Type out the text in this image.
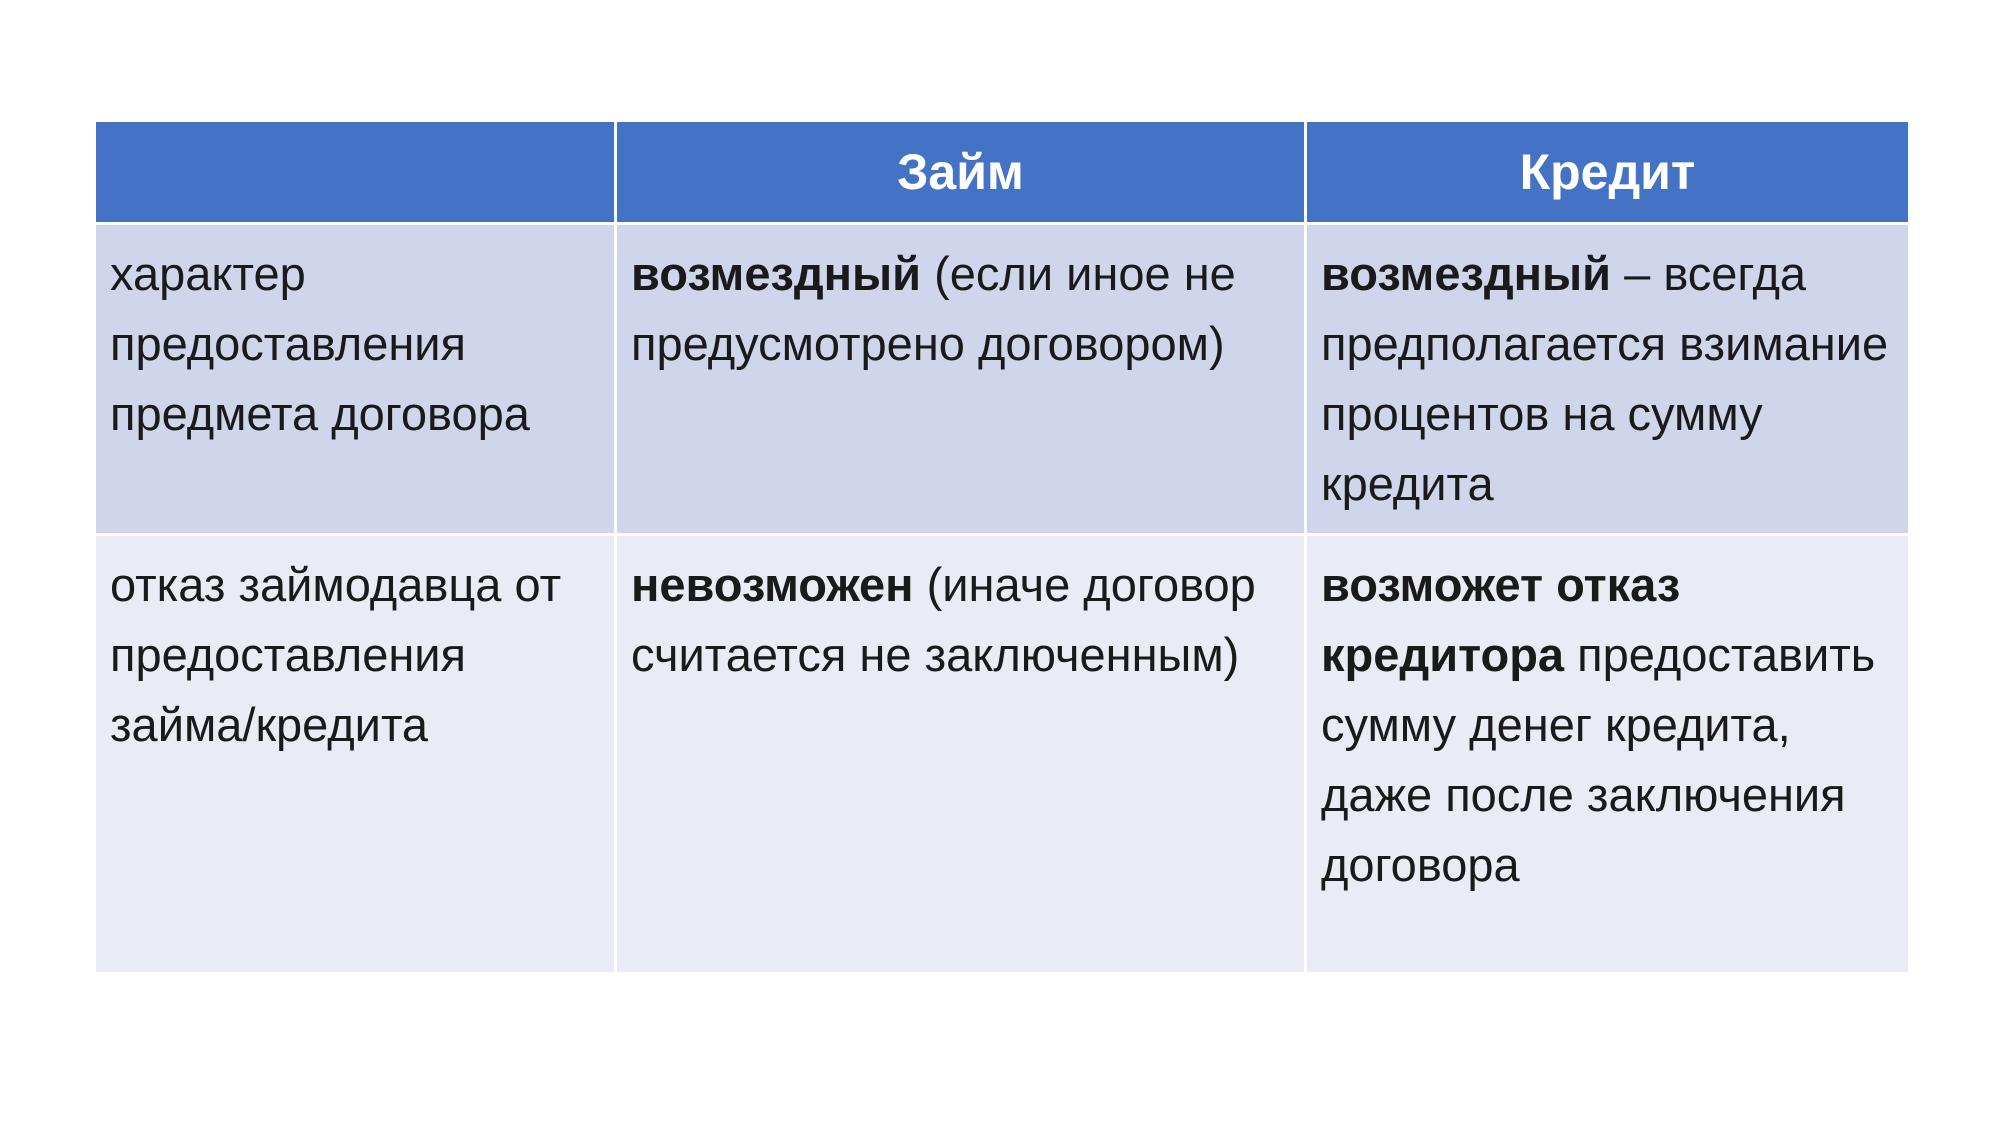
	Займ	Кредит
характер предоставления предмета договора	возмездный (если иное не предусмотрено договором)	возмездный – всегда предполагается взимание процентов на сумму кредита
отказ займодавца от предоставления займа/кредита	невозможен (иначе договор считается не заключенным)	возможет отказ кредитора предоставить сумму денег кредита, даже после заключения договора
